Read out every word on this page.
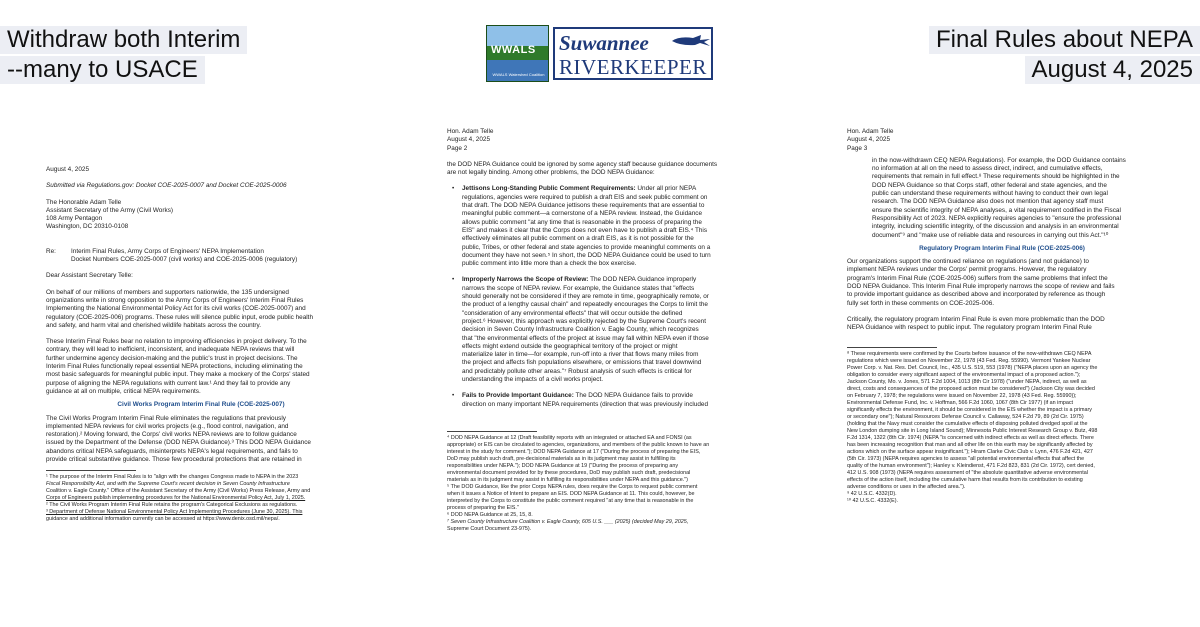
Withdraw both Interim
--many to USACE
Final Rules about NEPA
August 4, 2025
WWALS
WWALS Watershed Coalition
Suwannee
RIVERKEEPER
August 4, 2025
Submitted via Regulations.gov: Docket COE-2025-0007 and Docket COE-2025-0006
The Honorable Adam Telle
Assistant Secretary of the Army (Civil Works)
108 Army Pentagon
Washington, DC 20310-0108
Re: Interim Final Rules, Army Corps of Engineers' NEPA Implementation
Docket Numbers COE-2025-0007 (civil works) and COE-2025-0006 (regulatory)
Dear Assistant Secretary Telle:
On behalf of our millions of members and supporters nationwide, the 135 undersigned
organizations write in strong opposition to the Army Corps of Engineers' Interim Final Rules
Implementing the National Environmental Policy Act for its civil works (COE-2025-0007) and
regulatory (COE-2025-006) programs. These rules will silence public input, erode public health
and safety, and harm vital and cherished wildlife habitats across the country.
These Interim Final Rules bear no relation to improving efficiencies in project delivery. To the
contrary, they will lead to inefficient, inconsistent, and inadequate NEPA reviews that will
further undermine agency decision-making and the public's trust in project decisions. The
Interim Final Rules functionally repeal essential NEPA protections, including eliminating the
most basic safeguards for meaningful public input. They make a mockery of the Corps' stated
purpose of aligning the NEPA regulations with current law.¹ And they fail to provide any
guidance at all on multiple, critical NEPA requirements.
Civil Works Program Interim Final Rule (COE-2025-007)
The Civil Works Program Interim Final Rule eliminates the regulations that previously
implemented NEPA reviews for civil works projects (e.g., flood control, navigation, and
restoration).² Moving forward, the Corps' civil works NEPA reviews are to follow guidance
issued by the Department of the Defense (DOD NEPA Guidance).³ This DOD NEPA Guidance
abandons critical NEPA safeguards, misinterprets NEPA's legal requirements, and fails to
provide critical substantive guidance. Those few procedural protections that are retained in
¹ The purpose of the Interim Final Rules is to "align with the changes Congress made to NEPA in the 2023
Fiscal Responsibility Act, and with the Supreme Court's recent decision in Seven County Infrastructure
Coalition v. Eagle County." Office of the Assistant Secretary of the Army (Civil Works) Press Release, Army and
Corps of Engineers publish implementing procedures for the National Environmental Policy Act, July 1, 2025.
² The Civil Works Program Interim Final Rule retains the program's Categorical Exclusions as regulations.
³ Department of Defense National Environmental Policy Act Implementing Procedures (June 30, 2025). This
guidance and additional information currently can be accessed at https://www.denix.osd.mil/nepa/.
Hon. Adam Telle
August 4, 2025
Page 2
the DOD NEPA Guidance could be ignored by some agency staff because guidance documents
are not legally binding. Among other problems, the DOD NEPA Guidance:
• Jettisons Long-Standing Public Comment Requirements: Under all prior NEPA
regulations, agencies were required to publish a draft EIS and seek public comment on
that draft. The DOD NEPA Guidance jettisons these requirements that are essential to
meaningful public comment—a cornerstone of a NEPA review. Instead, the Guidance
allows public comment "at any time that is reasonable in the process of preparing the
EIS" and makes it clear that the Corps does not even have to publish a draft EIS.⁴ This
effectively eliminates all public comment on a draft EIS, as it is not possible for the
public, Tribes, or other federal and state agencies to provide meaningful comments on a
document they have not seen.⁵ In short, the DOD NEPA Guidance could be used to turn
public comment into little more than a check the box exercise.
• Improperly Narrows the Scope of Review: The DOD NEPA Guidance improperly
narrows the scope of NEPA review. For example, the Guidance states that "effects
should generally not be considered if they are remote in time, geographically remote, or
the product of a lengthy causal chain" and repeatedly encourages the Corps to limit the
"consideration of any environmental effects" that will occur outside the defined
project.⁶ However, this approach was explicitly rejected by the Supreme Court's recent
decision in Seven County Infrastructure Coalition v. Eagle County, which recognizes
that "the environmental effects of the project at issue may fall within NEPA even if those
effects might extend outside the geographical territory of the project or might
materialize later in time—for example, run-off into a river that flows many miles from
the project and affects fish populations elsewhere, or emissions that travel downwind
and predictably pollute other areas."⁷ Robust analysis of such effects is critical for
understanding the impacts of a civil works project.
• Fails to Provide Important Guidance: The DOD NEPA Guidance fails to provide
direction on many important NEPA requirements (direction that was previously included
⁴ DOD NEPA Guidance at 12 (Draft feasibility reports with an integrated or attached EA and FONSI (as
appropriate) or EIS can be circulated to agencies, organizations, and members of the public known to have an
interest in the study for comment."); DOD NEPA Guidance at 17 ("During the process of preparing the EIS,
DoD may publish such draft, pre-decisional materials as in its judgment may assist in fulfilling its
responsibilities under NEPA."); DOD NEPA Guidance at 19 ("During the process of preparing any
environmental document provided for by these procedures, DoD may publish such draft, predecisional
materials as in its judgment may assist in fulfilling its responsibilities under NEPA and this guidance.")
⁵ The DOD Guidance, like the prior Corps NEPA rules, does require the Corps to request public comment
when it issues a Notice of Intent to prepare an EIS. DOD NEPA Guidance at 11. This could, however, be
interpreted by the Corps to constitute the public comment required "at any time that is reasonable in the
process of preparing the EIS."
⁶ DOD NEPA Guidance at 25, 15, 8.
⁷ Seven County Infrastructure Coalition v. Eagle County, 605 U.S. ___ (2025) (decided May 29, 2025,
Supreme Court Document 23-975).
Hon. Adam Telle
August 4, 2025
Page 3
in the now-withdrawn CEQ NEPA Regulations). For example, the DOD Guidance contains
no information at all on the need to assess direct, indirect, and cumulative effects,
requirements that remain in full effect.⁸ These requirements should be highlighted in the
DOD NEPA Guidance so that Corps staff, other federal and state agencies, and the
public can understand these requirements without having to conduct their own legal
research. The DOD NEPA Guidance also does not mention that agency staff must
ensure the scientific integrity of NEPA analyses, a vital requirement codified in the Fiscal
Responsibility Act of 2023. NEPA explicitly requires agencies to "ensure the professional
integrity, including scientific integrity, of the discussion and analysis in an environmental
document"⁹ and "make use of reliable data and resources in carrying out this Act."¹⁰
Regulatory Program Interim Final Rule (COE-2025-006)
Our organizations support the continued reliance on regulations (and not guidance) to
implement NEPA reviews under the Corps' permit programs. However, the regulatory
program's Interim Final Rule (COE-2025-006) suffers from the same problems that infect the
DOD NEPA Guidance. This Interim Final Rule improperly narrows the scope of review and fails
to provide important guidance as described above and incorporated by reference as though
fully set forth in these comments on COE-2025-006.
Critically, the regulatory program Interim Final Rule is even more problematic than the DOD
NEPA Guidance with respect to public input. The regulatory program Interim Final Rule
⁸ These requirements were confirmed by the Courts before issuance of the now-withdrawn CEQ NEPA
regulations which were issued on November 22, 1978 (43 Fed. Reg. 55990). Vermont Yankee Nuclear
Power Corp. v. Nat. Res. Def. Council, Inc., 435 U.S. 519, 553 (1978) ("NEPA places upon an agency the
obligation to consider every significant aspect of the environmental impact of a proposed action.");
Jackson County, Mo. v. Jones, 571 F.2d 1004, 1013 (8th Cir 1978) ("under NEPA, indirect, as well as
direct, costs and consequences of the proposed action must be considered") (Jackson City was decided
on February 7, 1978; the regulations were issued on November 22, 1978 (43 Fed. Reg. 55990));
Environmental Defense Fund, Inc. v. Hoffman, 566 F.2d 1060, 1067 (8th Cir 1977) (if an impact
significantly effects the environment, it should be considered in the EIS whether the impact is a primary
or secondary one"); Natural Resources Defense Council v. Callaway, 524 F.2d 79, 89 (2d Cir. 1975)
(holding that the Navy must consider the cumulative effects of disposing polluted dredged spoil at the
New London dumping site in Long Island Sound); Minnesota Public Interest Research Group v. Butz, 498
F.2d 1314, 1322 (8th Cir. 1974) (NEPA "is concerned with indirect effects as well as direct effects. There
has been increasing recognition that man and all other life on this earth may be significantly affected by
actions which on the surface appear insignificant."); Hiram Clarke Civic Club v. Lynn, 476 F.2d 421, 427
(5th Cir. 1973) (NEPA requires agencies to assess "all potential environmental effects that affect the
quality of the human environment"); Hanley v. Kleindienst, 471 F.2d 823, 831 (2d Cir. 1972), cert denied,
412 U.S. 908 (1973) (NEPA requires assessment of "the absolute quantitative adverse environmental
effects of the action itself, including the cumulative harm that results from its contribution to existing
adverse conditions or uses in the affected area.").
⁹ 42 U.S.C. 4332(D).
¹⁰ 42 U.S.C. 4332(E).
